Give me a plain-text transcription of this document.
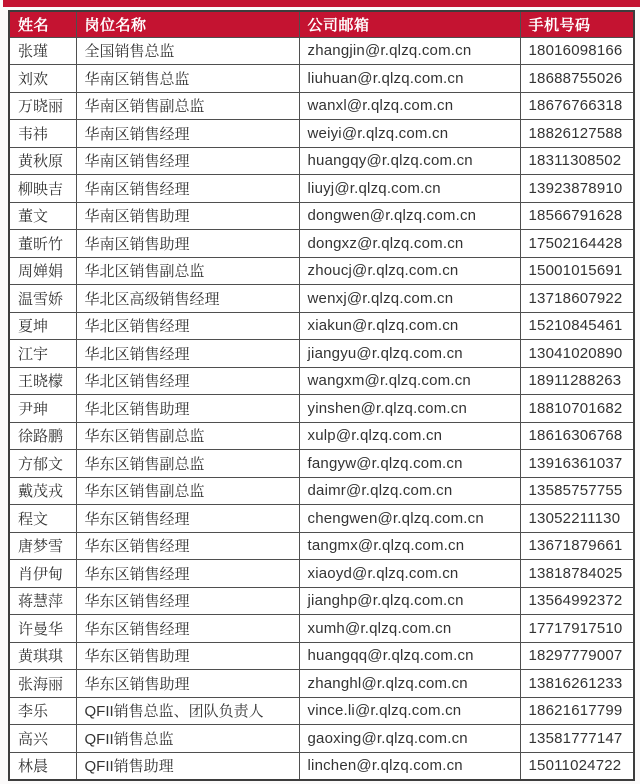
姓名	岗位名称	公司邮箱	手机号码
张瑾	全国销售总监	zhangjin@r.qlzq.com.cn	18016098166
刘欢	华南区销售总监	liuhuan@r.qlzq.com.cn	18688755026
万晓丽	华南区销售副总监	wanxl@r.qlzq.com.cn	18676766318
韦祎	华南区销售经理	weiyi@r.qlzq.com.cn	18826127588
黄秋原	华南区销售经理	huangqy@r.qlzq.com.cn	18311308502
柳映吉	华南区销售经理	liuyj@r.qlzq.com.cn	13923878910
董文	华南区销售助理	dongwen@r.qlzq.com.cn	18566791628
董昕竹	华南区销售助理	dongxz@r.qlzq.com.cn	17502164428
周婵娟	华北区销售副总监	zhoucj@r.qlzq.com.cn	15001015691
温雪娇	华北区高级销售经理	wenxj@r.qlzq.com.cn	13718607922
夏坤	华北区销售经理	xiakun@r.qlzq.com.cn	15210845461
江宇	华北区销售经理	jiangyu@r.qlzq.com.cn	13041020890
王晓檬	华北区销售经理	wangxm@r.qlzq.com.cn	18911288263
尹珅	华北区销售助理	yinshen@r.qlzq.com.cn	18810701682
徐路鹏	华东区销售副总监	xulp@r.qlzq.com.cn	18616306768
方郁文	华东区销售副总监	fangyw@r.qlzq.com.cn	13916361037
戴茂戎	华东区销售副总监	daimr@r.qlzq.com.cn	13585757755
程文	华东区销售经理	chengwen@r.qlzq.com.cn	13052211130
唐梦雪	华东区销售经理	tangmx@r.qlzq.com.cn	13671879661
肖伊甸	华东区销售经理	xiaoyd@r.qlzq.com.cn	13818784025
蒋慧萍	华东区销售经理	jianghp@r.qlzq.com.cn	13564992372
许曼华	华东区销售经理	xumh@r.qlzq.com.cn	17717917510
黄琪琪	华东区销售助理	huangqq@r.qlzq.com.cn	18297779007
张海丽	华东区销售助理	zhanghl@r.qlzq.com.cn	13816261233
李乐	QFII销售总监、团队负责人	vince.li@r.qlzq.com.cn	18621617799
高兴	QFII销售总监	gaoxing@r.qlzq.com.cn	13581777147
林晨	QFII销售助理	linchen@r.qlzq.com.cn	15011024722
